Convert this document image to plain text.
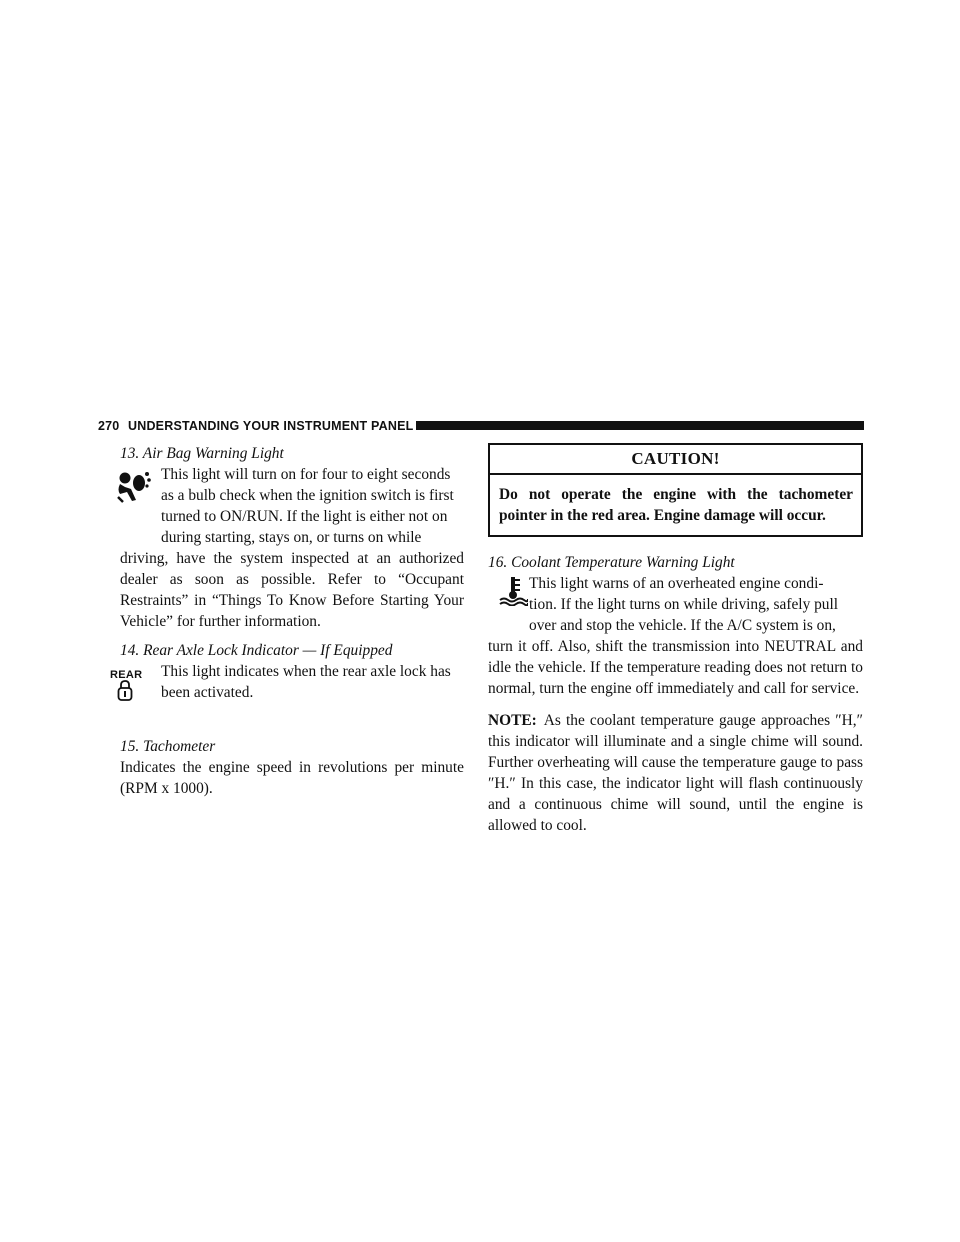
270 UNDERSTANDING YOUR INSTRUMENT PANEL
13. Air Bag Warning Light
This light will turn on for four to eight seconds
as a bulb check when the ignition switch is first
turned to ON/RUN. If the light is either not on
during starting, stays on, or turns on while

driving, have the system inspected at an authorized dealer as soon as possible. Refer to “Occupant Restraints” in “Things To Know Before Starting Your Vehicle” for further information.

14. Rear Axle Lock Indicator — If Equipped
REAR	This light indicates when the rear axle lock has
been activated.
15. Tachometer

Indicates the engine speed in revolutions per minute (RPM x 1000).

CAUTION!
Do not operate the engine with the tachometer pointer in the red area. Engine damage will occur.
16. Coolant Temperature Warning Light
This light warns of an overheated engine condi-
tion. If the light turns on while driving, safely pull
over and stop the vehicle. If the A/C system is on,

turn it off. Also, shift the transmission into NEUTRAL and idle the vehicle. If the temperature reading does not return to normal, turn the engine off immediately and call for service.

NOTE: As the coolant temperature gauge approaches ″H,″ this indicator will illuminate and a single chime will sound. Further overheating will cause the temperature gauge to pass ″H.″ In this case, the indicator light will flash continuously and a continuous chime will sound, until the engine is allowed to cool.
